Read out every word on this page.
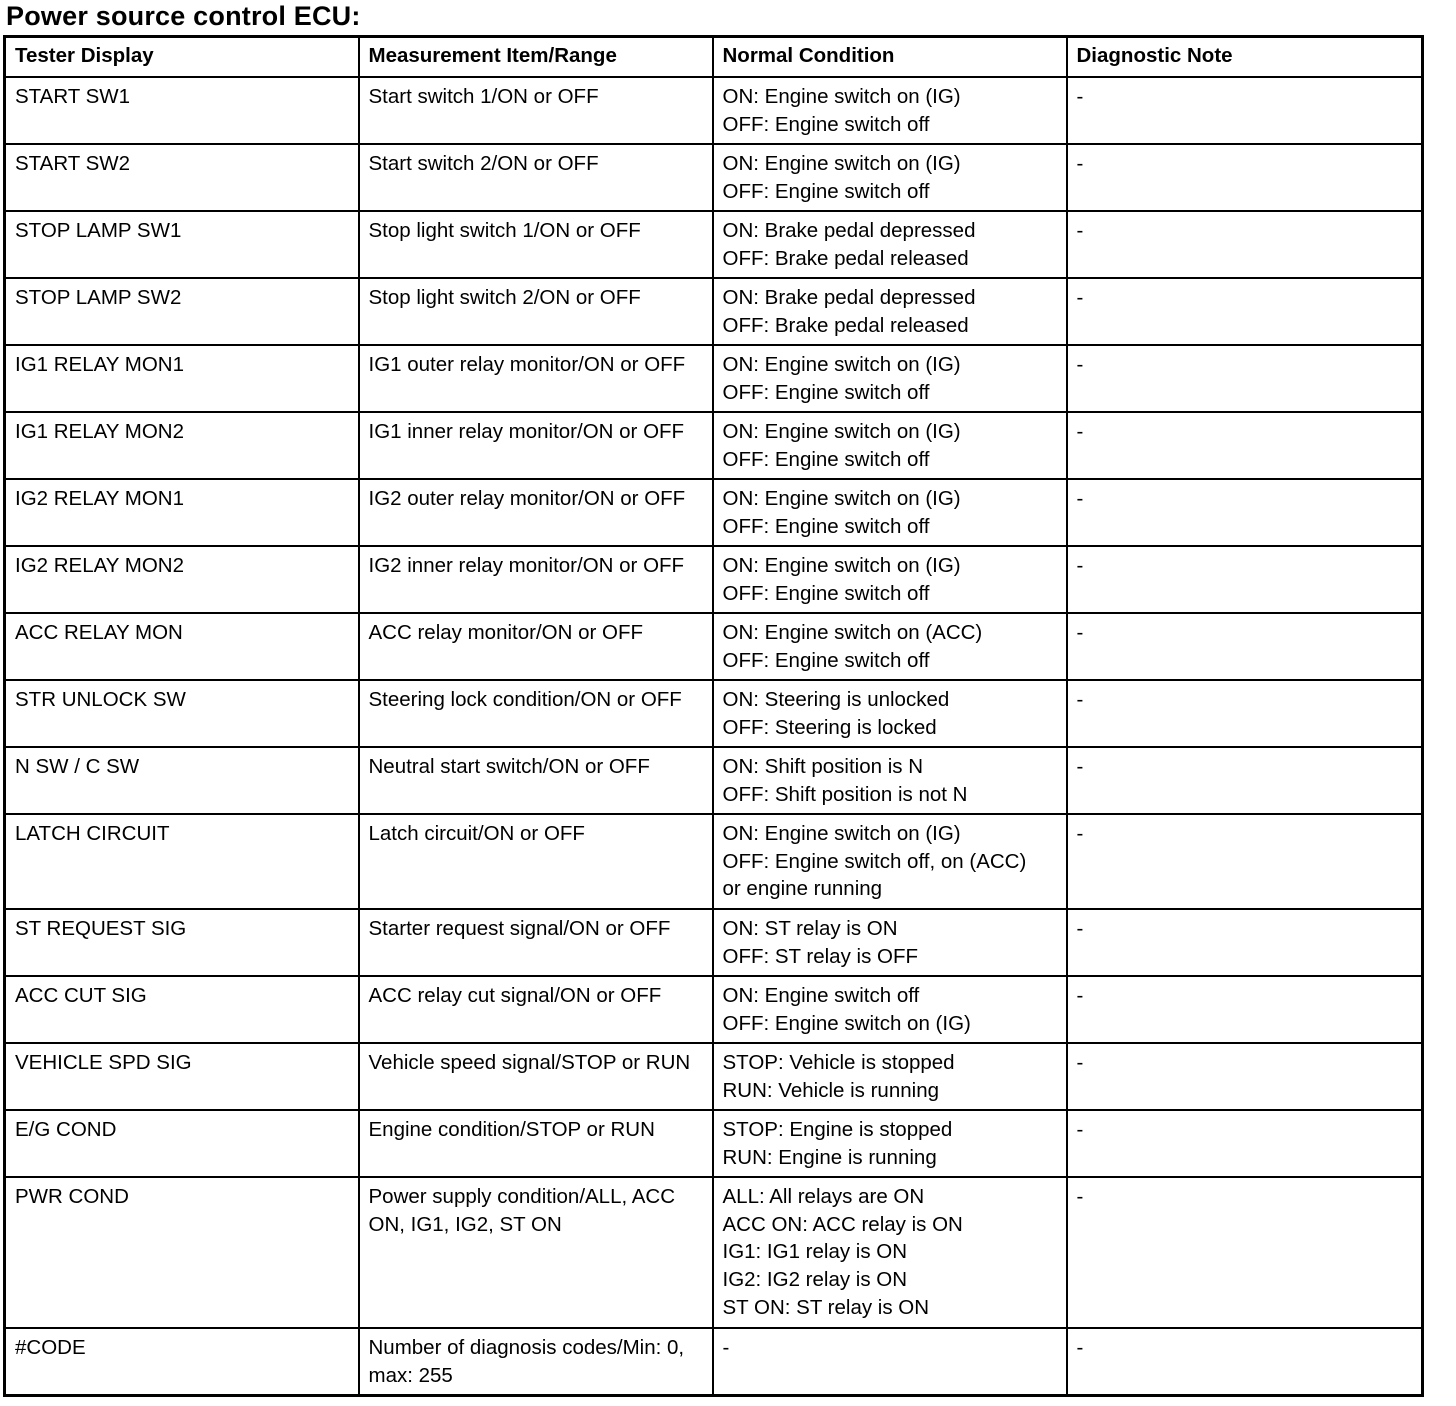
Power source control ECU:
Tester Display	Measurement Item/Range	Normal Condition	Diagnostic Note
START SW1	Start switch 1/ON or OFF	ON: Engine switch on (IG)
OFF: Engine switch off	-
START SW2	Start switch 2/ON or OFF	ON: Engine switch on (IG)
OFF: Engine switch off	-
STOP LAMP SW1	Stop light switch 1/ON or OFF	ON: Brake pedal depressed
OFF: Brake pedal released	-
STOP LAMP SW2	Stop light switch 2/ON or OFF	ON: Brake pedal depressed
OFF: Brake pedal released	-
IG1 RELAY MON1	IG1 outer relay monitor/ON or OFF	ON: Engine switch on (IG)
OFF: Engine switch off	-
IG1 RELAY MON2	IG1 inner relay monitor/ON or OFF	ON: Engine switch on (IG)
OFF: Engine switch off	-
IG2 RELAY MON1	IG2 outer relay monitor/ON or OFF	ON: Engine switch on (IG)
OFF: Engine switch off	-
IG2 RELAY MON2	IG2 inner relay monitor/ON or OFF	ON: Engine switch on (IG)
OFF: Engine switch off	-
ACC RELAY MON	ACC relay monitor/ON or OFF	ON: Engine switch on (ACC)
OFF: Engine switch off	-
STR UNLOCK SW	Steering lock condition/ON or OFF	ON: Steering is unlocked
OFF: Steering is locked	-
N SW / C SW	Neutral start switch/ON or OFF	ON: Shift position is N
OFF: Shift position is not N	-
LATCH CIRCUIT	Latch circuit/ON or OFF	ON: Engine switch on (IG)
OFF: Engine switch off, on (ACC)
or engine running	-
ST REQUEST SIG	Starter request signal/ON or OFF	ON: ST relay is ON
OFF: ST relay is OFF	-
ACC CUT SIG	ACC relay cut signal/ON or OFF	ON: Engine switch off
OFF: Engine switch on (IG)	-
VEHICLE SPD SIG	Vehicle speed signal/STOP or RUN	STOP: Vehicle is stopped
RUN: Vehicle is running	-
E/G COND	Engine condition/STOP or RUN	STOP: Engine is stopped
RUN: Engine is running	-
PWR COND	Power supply condition/ALL, ACC ON, IG1, IG2, ST ON	ALL: All relays are ON
ACC ON: ACC relay is ON
IG1: IG1 relay is ON
IG2: IG2 relay is ON
ST ON: ST relay is ON	-
#CODE	Number of diagnosis codes/Min: 0, max: 255	-	-
